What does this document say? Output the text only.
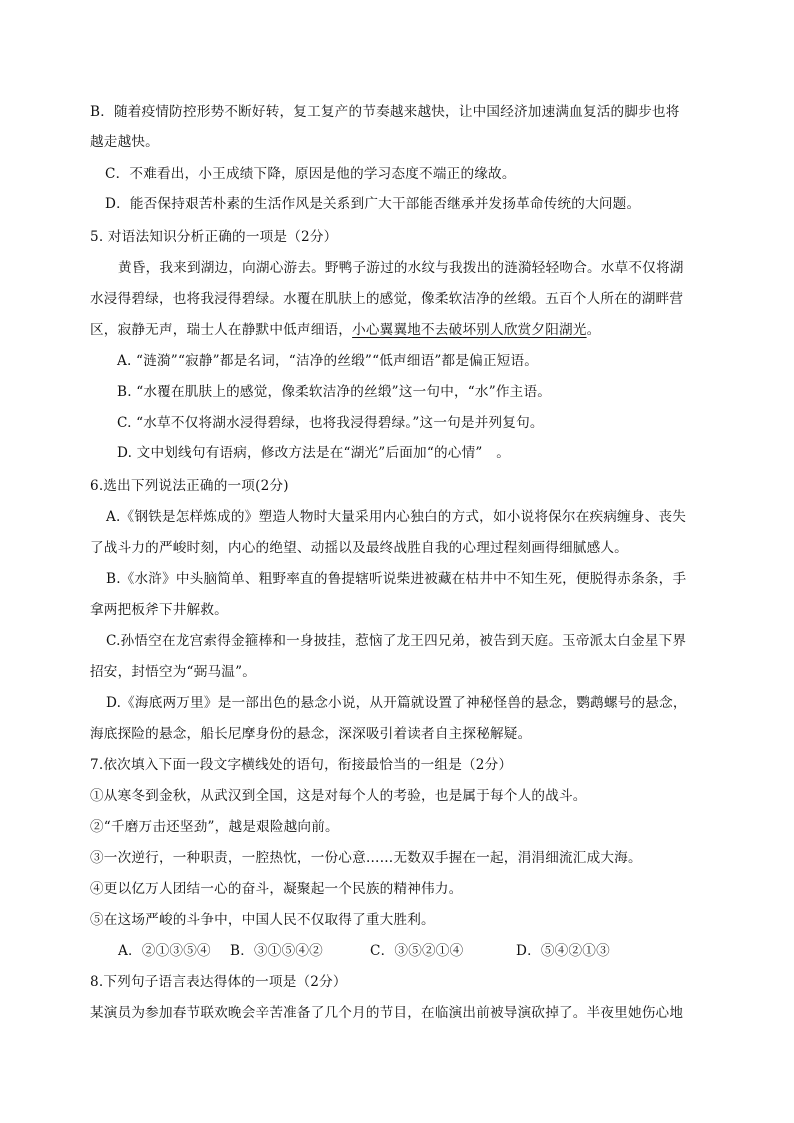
B．随着疫情防控形势不断好转，复工复产的节奏越来越快，让中国经济加速满血复活的脚步也将
越走越快。
C．不难看出，小王成绩下降，原因是他的学习态度不端正的缘故。
D．能否保持艰苦朴素的生活作风是关系到广大干部能否继承并发扬革命传统的大问题。
5. 对语法知识分析正确的一项是（2分）
黄昏，我来到湖边，向湖心游去。野鸭子游过的水纹与我拨出的涟漪轻轻吻合。水草不仅将湖
水浸得碧绿，也将我浸得碧绿。水覆在肌肤上的感觉，像柔软洁净的丝缎。五百个人所在的湖畔营
区，寂静无声，瑞士人在静默中低声细语，小心翼翼地不去破坏别人欣赏夕阳湖光。
A. “涟漪”“寂静”都是名词，“洁净的丝缎”“低声细语”都是偏正短语。
B. “水覆在肌肤上的感觉，像柔软洁净的丝缎”这一句中，“水”作主语。
C. “水草不仅将湖水浸得碧绿，也将我浸得碧绿。”这一句是并列复句。
D. 文中划线句有语病，修改方法是在“湖光”后面加“的心情”　。
6.选出下列说法正确的一项(2分)
A.《钢铁是怎样炼成的》塑造人物时大量采用内心独白的方式，如小说将保尔在疾病缠身、丧失
了战斗力的严峻时刻，内心的绝望、动摇以及最终战胜自我的心理过程刻画得细腻感人。
B.《水浒》中头脑简单、粗野率直的鲁提辖听说柴进被藏在枯井中不知生死，便脱得赤条条，手
拿两把板斧下井解救。
C.孙悟空在龙宫索得金箍棒和一身披挂，惹恼了龙王四兄弟，被告到天庭。玉帝派太白金星下界
招安，封悟空为“弼马温”。
D.《海底两万里》是一部出色的悬念小说，从开篇就设置了神秘怪兽的悬念，鹦鹉螺号的悬念，
海底探险的悬念，船长尼摩身份的悬念，深深吸引着读者自主探秘解疑。
7.依次填入下面一段文字横线处的语句，衔接最恰当的一组是（2分）
①从寒冬到金秋，从武汉到全国，这是对每个人的考验，也是属于每个人的战斗。
②“千磨万击还坚劲”，越是艰险越向前。
③一次逆行，一种职责，一腔热忱，一份心意……无数双手握在一起，涓涓细流汇成大海。
④更以亿万人团结一心的奋斗，凝聚起一个民族的精神伟力。
⑤在这场严峻的斗争中，中国人民不仅取得了重大胜利。
A．②①③⑤④ B．③①⑤④②	C．③⑤②①④	D．⑤④②①③
8.下列句子语言表达得体的一项是（2分）
某演员为参加春节联欢晚会辛苦准备了几个月的节目，在临演出前被导演砍掉了。半夜里她伤心地
